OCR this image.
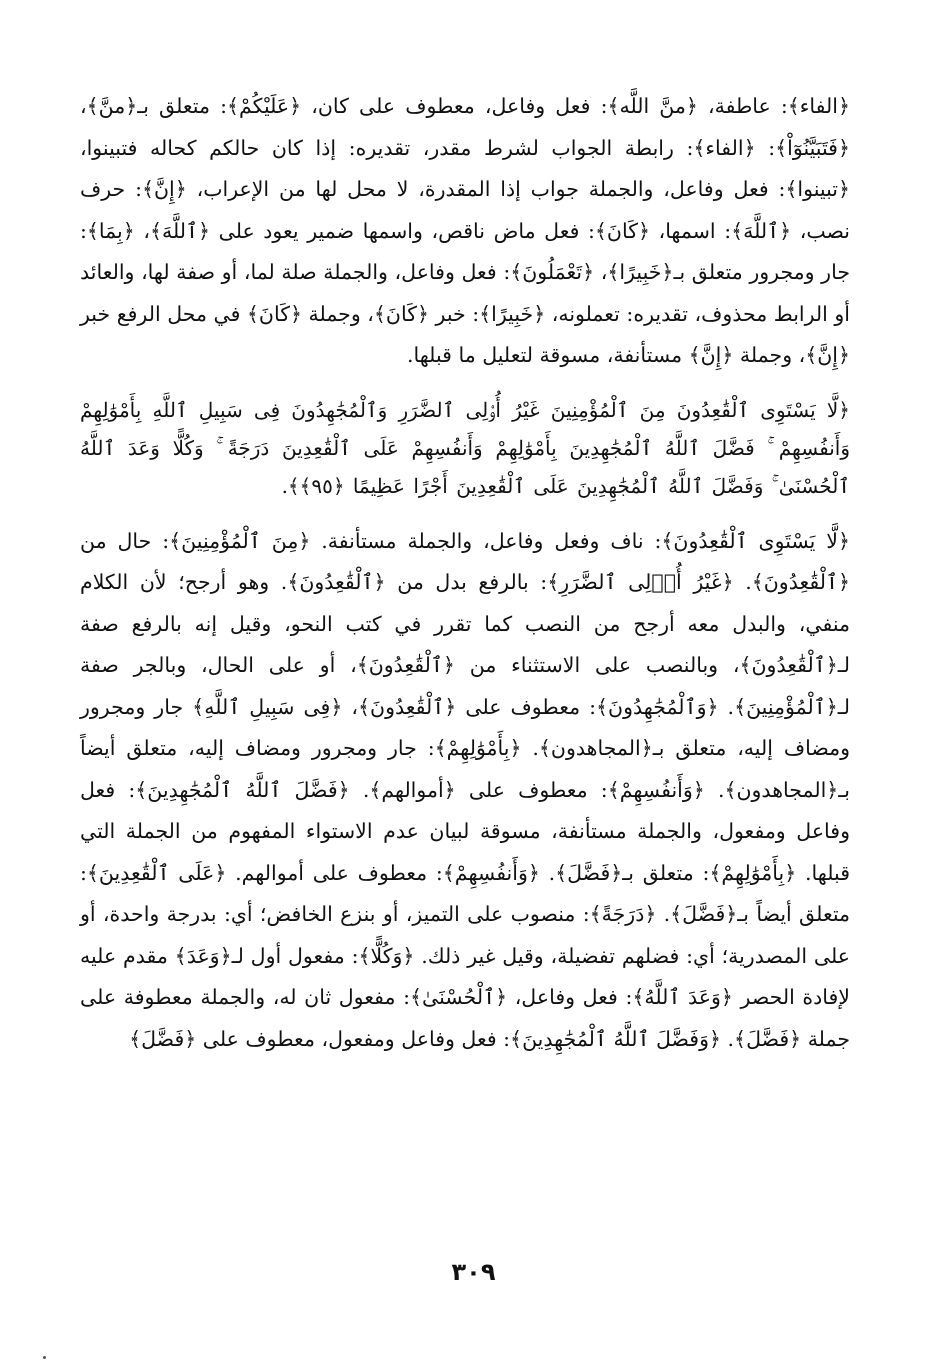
﴿الفاء﴾: عاطفة، ﴿منَّ اللَّه﴾: فعل وفاعل، معطوف على كان، ﴿عَلَيْكُمْ﴾: متعلق بـ﴿منَّ﴾، ﴿فَتَبَيَّنُوٓاْ﴾: ﴿الفاء﴾: رابطة الجواب لشرط مقدر، تقديره: إذا كان حالكم كحاله فتبينوا، ﴿تبينوا﴾: فعل وفاعل، والجملة جواب إذا المقدرة، لا محل لها من الإعراب، ﴿إِنَّ﴾: حرف نصب، ﴿ٱللَّهَ﴾: اسمها، ﴿كَانَ﴾: فعل ماض ناقص، واسمها ضمير يعود على ﴿ٱللَّهَ﴾، ﴿بِمَا﴾: جار ومجرور متعلق بـ﴿خَبِيرًا﴾، ﴿تَعْمَلُونَ﴾: فعل وفاعل، والجملة صلة لما، أو صفة لها، والعائد أو الرابط محذوف، تقديره: تعملونه، ﴿خَبِيرًا﴾: خبر ﴿كَانَ﴾، وجملة ﴿كَانَ﴾ في محل الرفع خبر ﴿إِنَّ﴾، وجملة ﴿إِنَّ﴾ مستأنفة، مسوقة لتعليل ما قبلها.

﴿لَّا يَسْتَوِى ٱلْقَٰعِدُونَ مِنَ ٱلْمُؤْمِنِينَ غَيْرُ أُو۟لِى ٱلضَّرَرِ وَٱلْمُجَٰهِدُونَ فِى سَبِيلِ ٱللَّهِ بِأَمْوَٰلِهِمْ وَأَنفُسِهِمْ ۚ فَضَّلَ ٱللَّهُ ٱلْمُجَٰهِدِينَ بِأَمْوَٰلِهِمْ وَأَنفُسِهِمْ عَلَى ٱلْقَٰعِدِينَ دَرَجَةً ۚ وَكُلًّا وَعَدَ ٱللَّهُ ٱلْحُسْنَىٰ ۚ وَفَضَّلَ ٱللَّهُ ٱلْمُجَٰهِدِينَ عَلَى ٱلْقَٰعِدِينَ أَجْرًا عَظِيمًا ﴿٩٥﴾﴾.

﴿لَّا يَسْتَوِى ٱلْقَٰعِدُونَ﴾: ناف وفعل وفاعل، والجملة مستأنفة. ﴿مِنَ ٱلْمُؤْمِنِينَ﴾: حال من ﴿ٱلْقَٰعِدُونَ﴾. ﴿غَيْرُ أُو۟لِى ٱلضَّرَرِ﴾: بالرفع بدل من ﴿ٱلْقَٰعِدُونَ﴾. وهو أرجح؛ لأن الكلام منفي، والبدل معه أرجح من النصب كما تقرر في كتب النحو، وقيل إنه بالرفع صفة لـ﴿ٱلْقَٰعِدُونَ﴾، وبالنصب على الاستثناء من ﴿ٱلْقَٰعِدُونَ﴾، أو على الحال، وبالجر صفة لـ﴿ٱلْمُؤْمِنِينَ﴾. ﴿وَٱلْمُجَٰهِدُونَ﴾: معطوف على ﴿ٱلْقَٰعِدُونَ﴾، ﴿فِى سَبِيلِ ٱللَّهِ﴾ جار ومجرور ومضاف إليه، متعلق بـ﴿المجاهدون﴾. ﴿بِأَمْوَٰلِهِمْ﴾: جار ومجرور ومضاف إليه، متعلق أيضاً بـ﴿المجاهدون﴾. ﴿وَأَنفُسِهِمْ﴾: معطوف على ﴿أموالهم﴾. ﴿فَضَّلَ ٱللَّهُ ٱلْمُجَٰهِدِينَ﴾: فعل وفاعل ومفعول، والجملة مستأنفة، مسوقة لبيان عدم الاستواء المفهوم من الجملة التي قبلها. ﴿بِأَمْوَٰلِهِمْ﴾: متعلق بـ﴿فَضَّلَ﴾. ﴿وَأَنفُسِهِمْ﴾: معطوف على أموالهم. ﴿عَلَى ٱلْقَٰعِدِينَ﴾: متعلق أيضاً بـ﴿فَضَّلَ﴾. ﴿دَرَجَةً﴾: منصوب على التميز، أو بنزع الخافض؛ أي: بدرجة واحدة، أو على المصدرية؛ أي: فضلهم تفضيلة، وقيل غير ذلك. ﴿وَكُلًّا﴾: مفعول أول لـ﴿وَعَدَ﴾ مقدم عليه لإفادة الحصر ﴿وَعَدَ ٱللَّهُ﴾: فعل وفاعل، ﴿ٱلْحُسْنَىٰ﴾: مفعول ثان له، والجملة معطوفة على جملة ﴿فَضَّلَ﴾. ﴿وَفَضَّلَ ٱللَّهُ ٱلْمُجَٰهِدِينَ﴾: فعل وفاعل ومفعول، معطوف على ﴿فَضَّلَ﴾

٣٠٩
